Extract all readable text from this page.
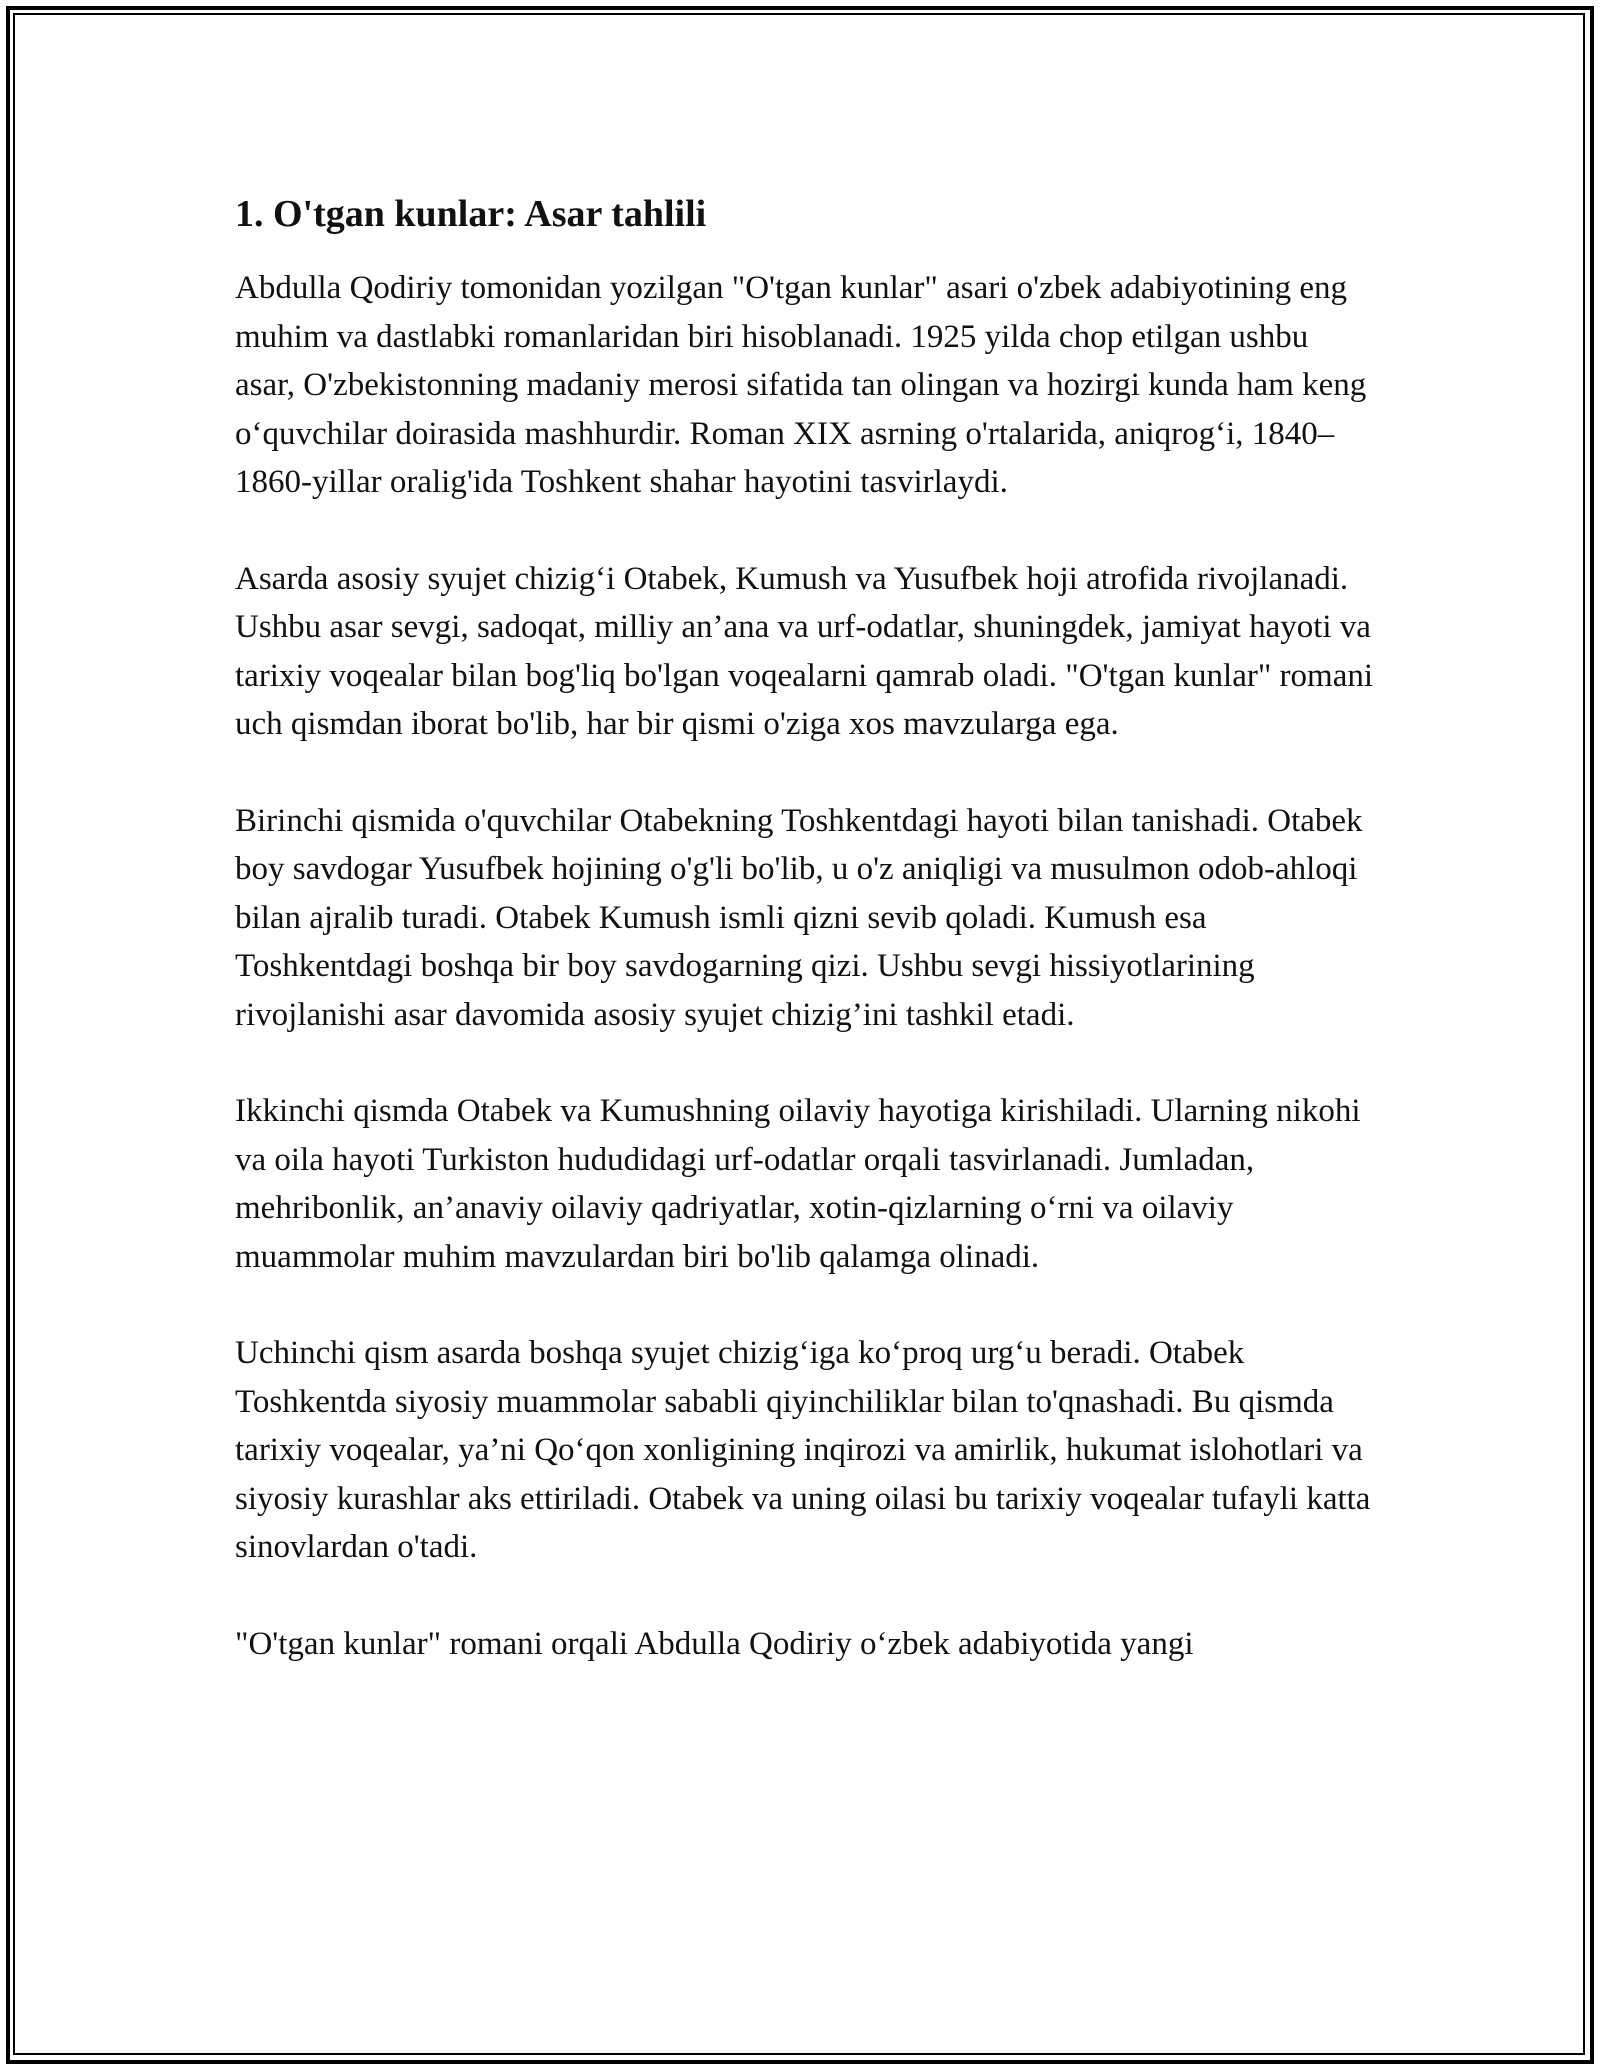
1. O'tgan kunlar: Asar tahlili

Abdulla Qodiriy tomonidan yozilgan "O'tgan kunlar" asari o'zbek adabiyotining eng muhim va dastlabki romanlaridan biri hisoblanadi. 1925 yilda chop etilgan ushbu asar, O'zbekistonning madaniy merosi sifatida tan olingan va hozirgi kunda ham keng o‘quvchilar doirasida mashhurdir. Roman XIX asrning o'rtalarida, aniqrog‘i, 1840–1860-yillar oralig'ida Toshkent shahar hayotini tasvirlaydi.

Asarda asosiy syujet chizig‘i Otabek, Kumush va Yusufbek hoji atrofida rivojlanadi. Ushbu asar sevgi, sadoqat, milliy an’ana va urf-odatlar, shuningdek, jamiyat hayoti va tarixiy voqealar bilan bog'liq bo'lgan voqealarni qamrab oladi. "O'tgan kunlar" romani uch qismdan iborat bo'lib, har bir qismi o'ziga xos mavzularga ega.

Birinchi qismida o'quvchilar Otabekning Toshkentdagi hayoti bilan tanishadi. Otabek boy savdogar Yusufbek hojining o'g'li bo'lib, u o'z aniqligi va musulmon odob-ahloqi bilan ajralib turadi. Otabek Kumush ismli qizni sevib qoladi. Kumush esa Toshkentdagi boshqa bir boy savdogarning qizi. Ushbu sevgi hissiyotlarining rivojlanishi asar davomida asosiy syujet chizig’ini tashkil etadi.

Ikkinchi qismda Otabek va Kumushning oilaviy hayotiga kirishiladi. Ularning nikohi va oila hayoti Turkiston hududidagi urf-odatlar orqali tasvirlanadi. Jumladan, mehribonlik, an’anaviy oilaviy qadriyatlar, xotin-qizlarning o‘rni va oilaviy muammolar muhim mavzulardan biri bo'lib qalamga olinadi.

Uchinchi qism asarda boshqa syujet chizig‘iga ko‘proq urg‘u beradi. Otabek Toshkentda siyosiy muammolar sababli qiyinchiliklar bilan to'qnashadi. Bu qismda tarixiy voqealar, ya’ni Qo‘qon xonligining inqirozi va amirlik, hukumat islohotlari va siyosiy kurashlar aks ettiriladi. Otabek va uning oilasi bu tarixiy voqealar tufayli katta sinovlardan o'tadi.

"O'tgan kunlar" romani orqali Abdulla Qodiriy o‘zbek adabiyotida yangi
